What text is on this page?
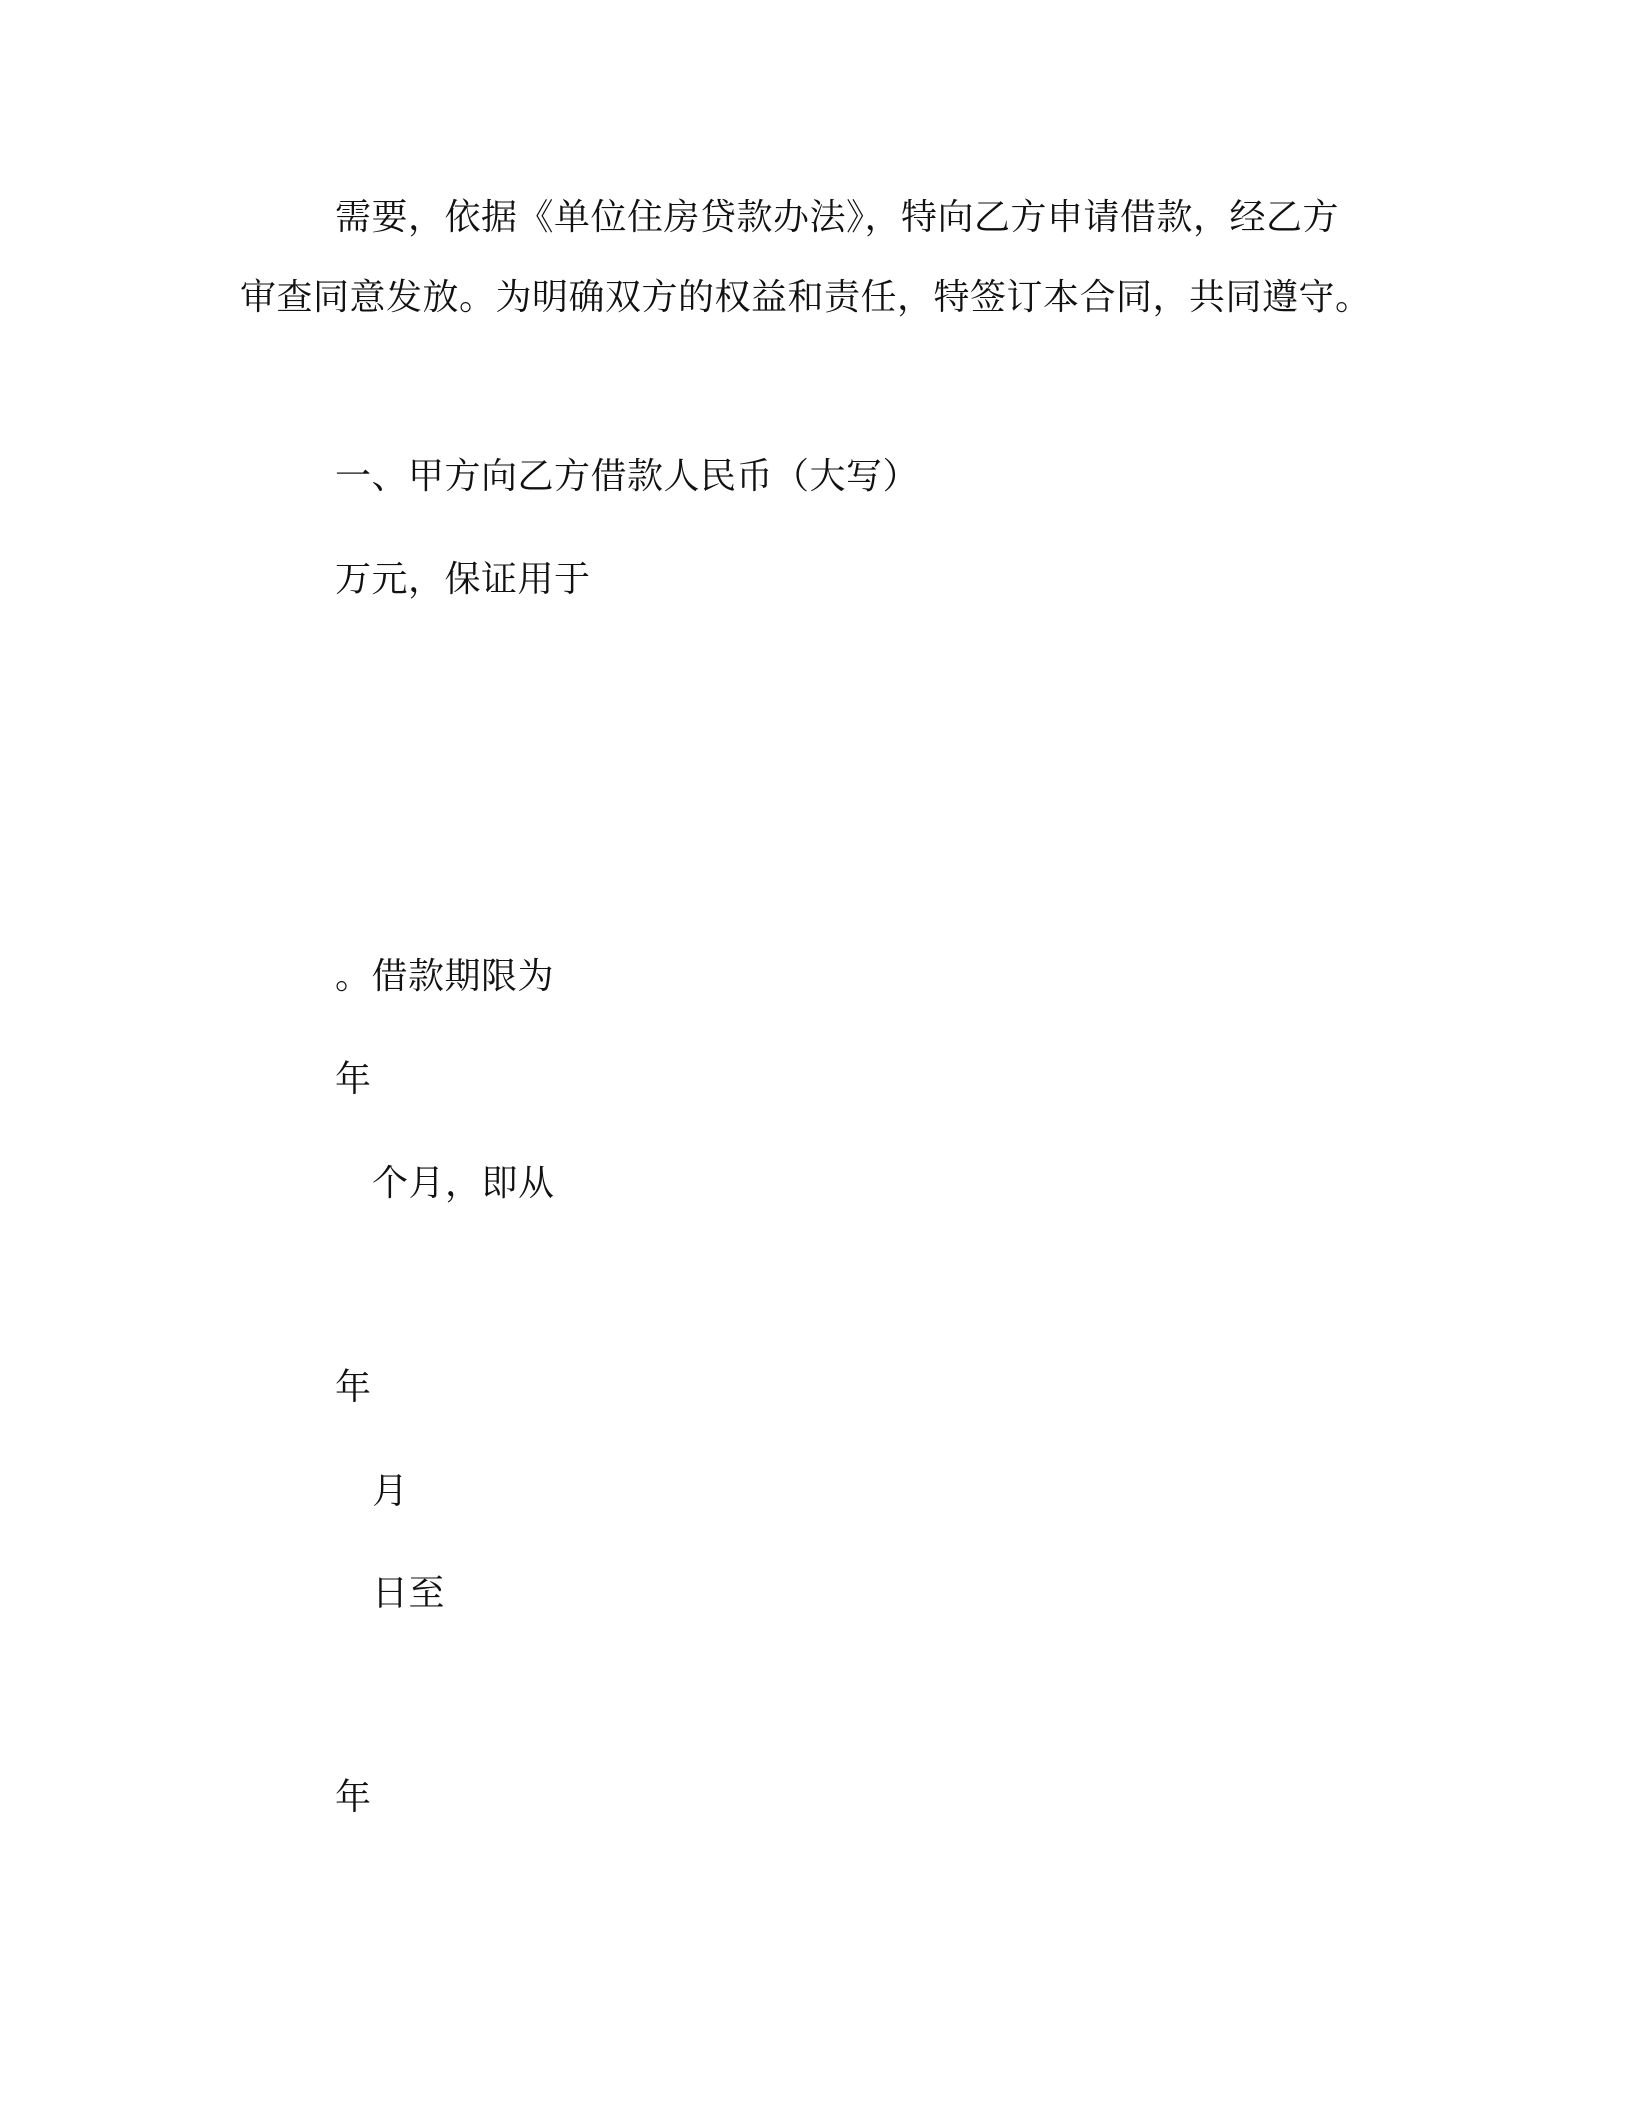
需要，依据《单位住房贷款办法》，特向乙方申请借款，经乙方
审查同意发放。为明确双方的权益和责任，特签订本合同，共同遵守。
一、甲方向乙方借款人民币（大写）
万元，保证用于
。借款期限为
年
个月，即从
年
月
日至
年
